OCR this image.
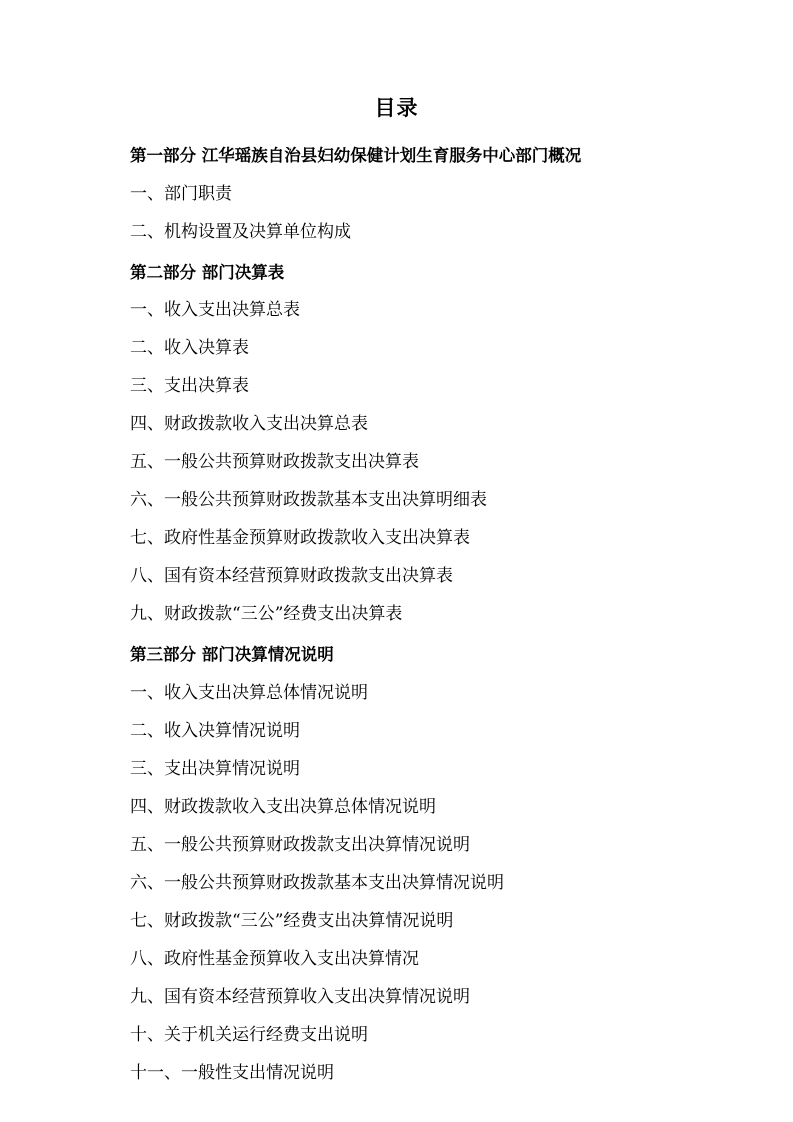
目录
第一部分 江华瑶族自治县妇幼保健计划生育服务中心部门概况
一、部门职责
二、机构设置及决算单位构成
第二部分 部门决算表
一、收入支出决算总表
二、收入决算表
三、支出决算表
四、财政拨款收入支出决算总表
五、一般公共预算财政拨款支出决算表
六、一般公共预算财政拨款基本支出决算明细表
七、政府性基金预算财政拨款收入支出决算表
八、国有资本经营预算财政拨款支出决算表
九、财政拨款“三公”经费支出决算表
第三部分 部门决算情况说明
一、收入支出决算总体情况说明
二、收入决算情况说明
三、支出决算情况说明
四、财政拨款收入支出决算总体情况说明
五、一般公共预算财政拨款支出决算情况说明
六、一般公共预算财政拨款基本支出决算情况说明
七、财政拨款“三公”经费支出决算情况说明
八、政府性基金预算收入支出决算情况
九、国有资本经营预算收入支出决算情况说明
十、关于机关运行经费支出说明
十一、一般性支出情况说明
